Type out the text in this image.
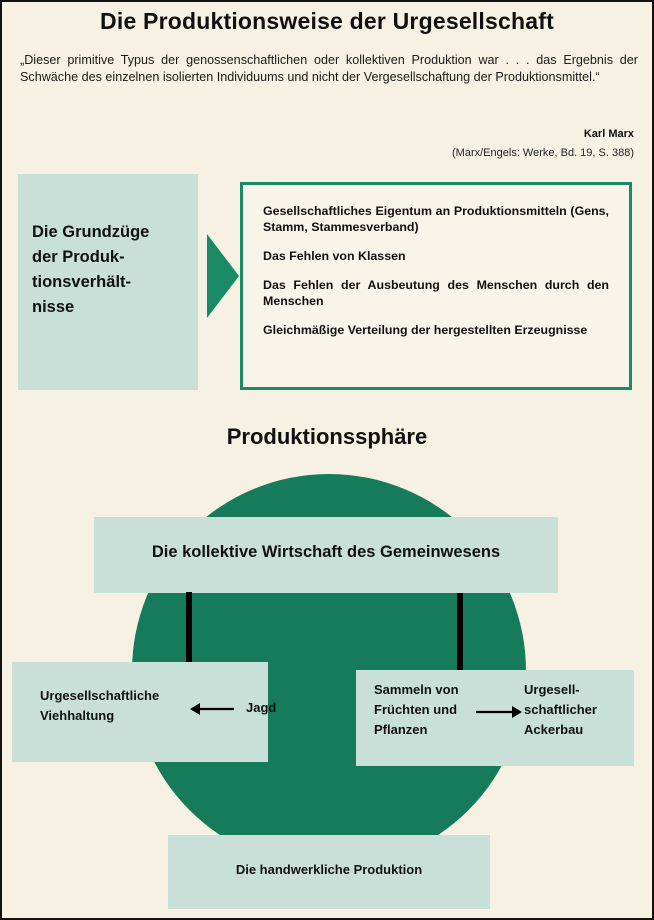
Die Produktionsweise der Urgesellschaft
„Dieser primitive Typus der genossenschaftlichen oder kollektiven Produktion war . . . das Ergebnis der Schwäche des einzelnen isolierten Individuums und nicht der Vergesellschaftung der Produktionsmittel.“
Karl Marx
(Marx/Engels: Werke, Bd. 19, S. 388)
Die Grundzüge
der Produk-
tionsverhält-
nisse
Gesellschaftliches Eigentum an Produktionsmitteln (Gens, Stamm, Stammesverband)
Das Fehlen von Klassen
Das Fehlen der Ausbeutung des Menschen durch den Menschen
Gleichmäßige Verteilung der hergestellten Erzeugnisse
Produktionssphäre
Die kollektive Wirtschaft des Gemeinwesens
Urgesellschaftliche
Viehhaltung
Jagd
Sammeln von
Früchten und
Pflanzen
Urgesell-
schaftlicher
Ackerbau
Die handwerkliche Produktion
